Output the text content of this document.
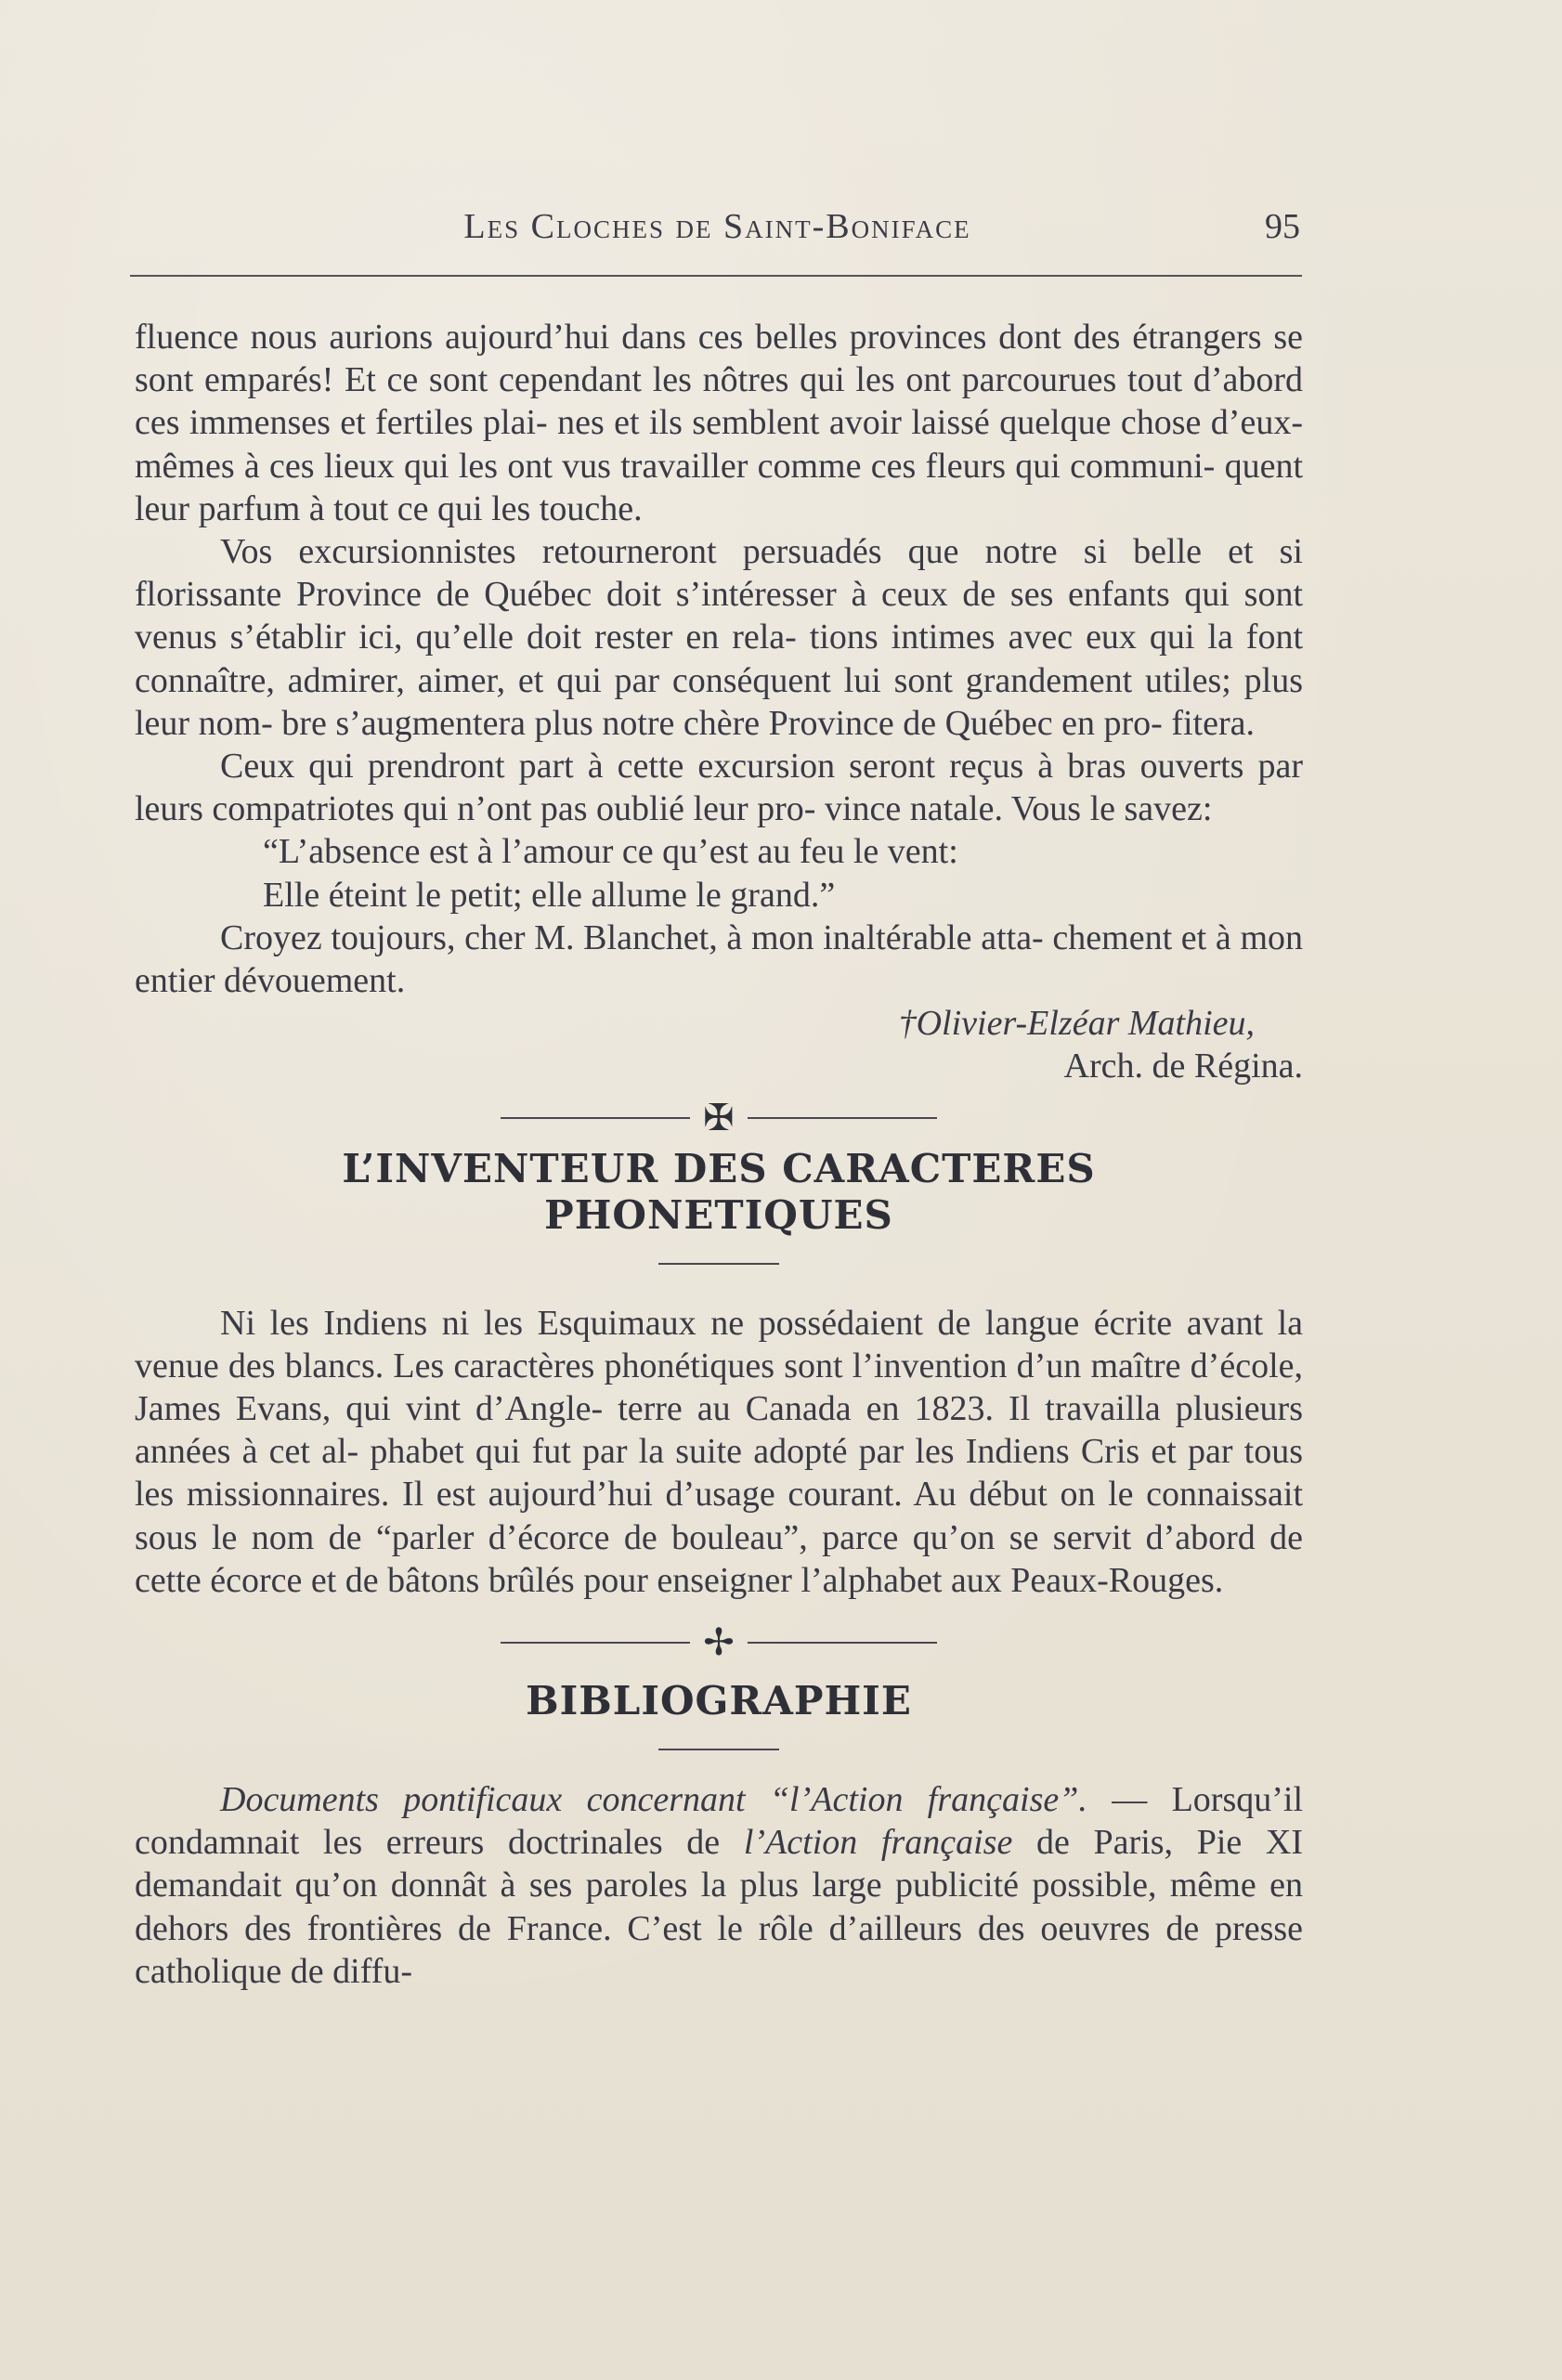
Les Cloches de Saint-Boniface	95

fluence nous aurions aujourd’hui dans ces belles provinces dont des étrangers se sont emparés! Et ce sont cependant les nôtres qui les ont parcourues tout d’abord ces immenses et fertiles plai- nes et ils semblent avoir laissé quelque chose d’eux-mêmes à ces lieux qui les ont vus travailler comme ces fleurs qui communi- quent leur parfum à tout ce qui les touche.

Vos excursionnistes retourneront persuadés que notre si belle et si florissante Province de Québec doit s’intéresser à ceux de ses enfants qui sont venus s’établir ici, qu’elle doit rester en rela- tions intimes avec eux qui la font connaître, admirer, aimer, et qui par conséquent lui sont grandement utiles; plus leur nom- bre s’augmentera plus notre chère Province de Québec en pro- fitera.

Ceux qui prendront part à cette excursion seront reçus à bras ouverts par leurs compatriotes qui n’ont pas oublié leur pro- vince natale. Vous le savez:

“L’absence est à l’amour ce qu’est au feu le vent:
Elle éteint le petit; elle allume le grand.”

Croyez toujours, cher M. Blanchet, à mon inaltérable atta- chement et à mon entier dévouement.

†Olivier-Elzéar Mathieu,
Arch. de Régina.

✠
L’INVENTEUR DES CARACTERES
PHONETIQUES

Ni les Indiens ni les Esquimaux ne possédaient de langue écrite avant la venue des blancs. Les caractères phonétiques sont l’invention d’un maître d’école, James Evans, qui vint d’Angle- terre au Canada en 1823. Il travailla plusieurs années à cet al- phabet qui fut par la suite adopté par les Indiens Cris et par tous les missionnaires. Il est aujourd’hui d’usage courant. Au début on le connaissait sous le nom de “parler d’écorce de bouleau”, parce qu’on se servit d’abord de cette écorce et de bâtons brûlés pour enseigner l’alphabet aux Peaux-Rouges.

✢
BIBLIOGRAPHIE

Documents pontificaux concernant “l’Action française”. — Lorsqu’il condamnait les erreurs doctrinales de l’Action française de Paris, Pie XI demandait qu’on donnât à ses paroles la plus large publicité possible, même en dehors des frontières de France. C’est le rôle d’ailleurs des oeuvres de presse catholique de diffu-
